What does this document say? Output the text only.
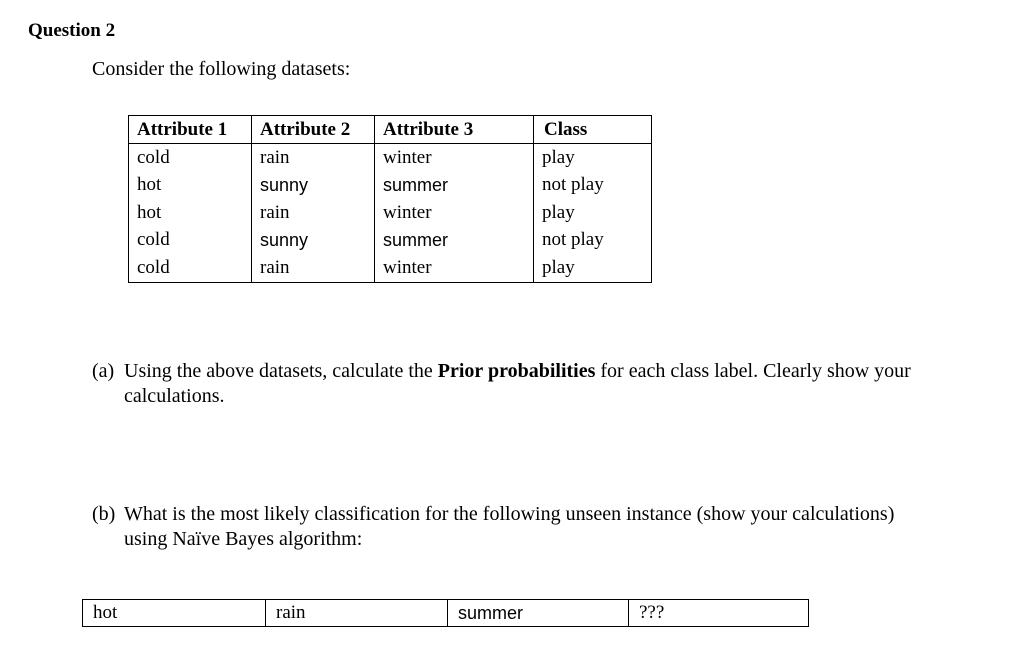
Question 2
Consider the following datasets:
Attribute 1	Attribute 2	Attribute 3	Class
cold	rain	winter	play
hot	sunny	summer	not play
hot	rain	winter	play
cold	sunny	summer	not play
cold	rain	winter	play
(a) Using the above datasets, calculate the Prior probabilities for each class label. Clearly show your
calculations.
(b) What is the most likely classification for the following unseen instance (show your calculations)
using Naïve Bayes algorithm:
hot	rain	summer	???
